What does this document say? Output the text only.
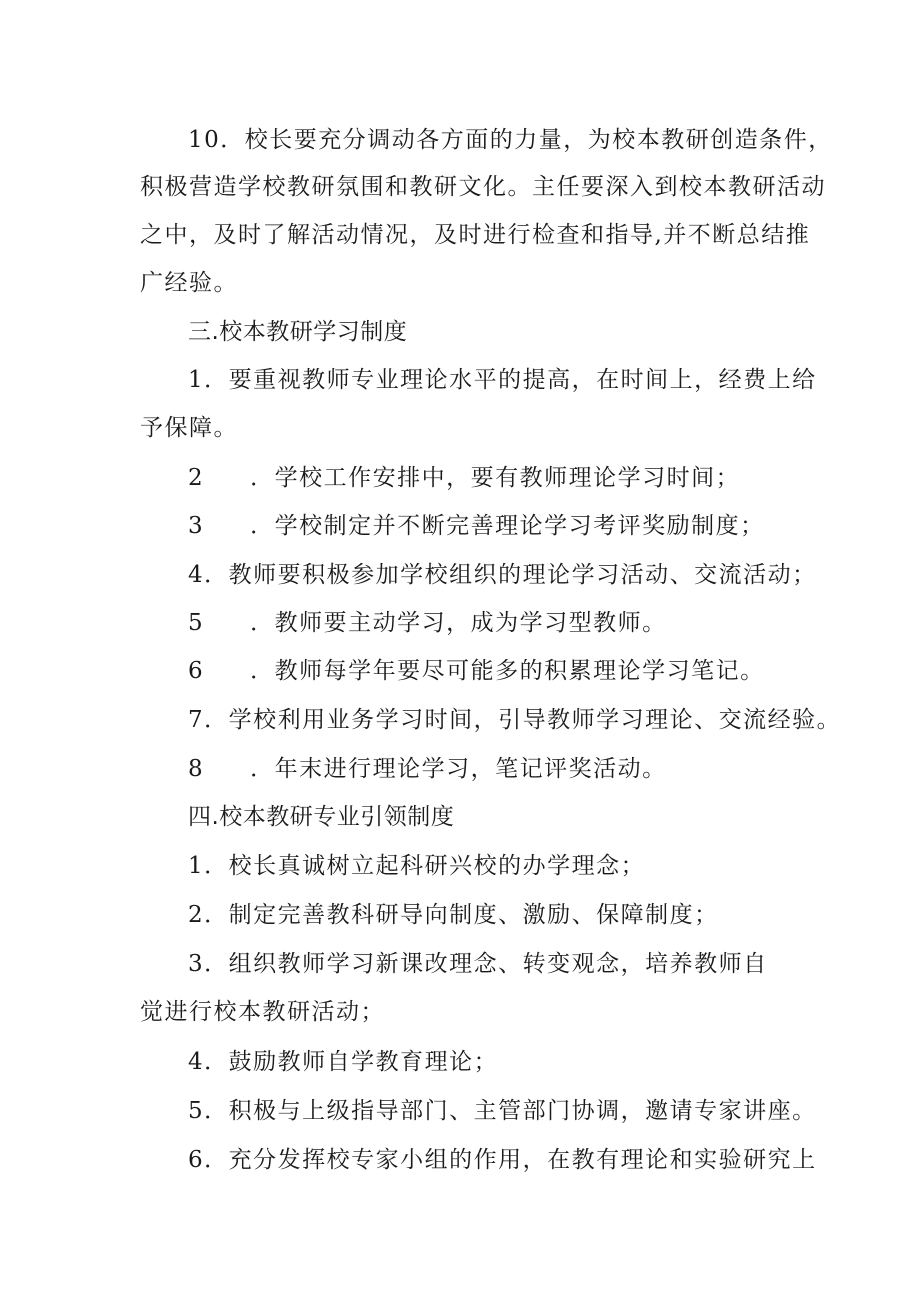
10．校长要充分调动各方面的力量，为校本教研创造条件，
积极营造学校教研氛围和教研文化。主任要深入到校本教研活动
之中，及时了解活动情况，及时进行检查和指导,并不断总结推
广经验。
三.校本教研学习制度
1．要重视教师专业理论水平的提高，在时间上，经费上给
予保障。
2 ．学校工作安排中，要有教师理论学习时间；
3 ．学校制定并不断完善理论学习考评奖励制度；
4．教师要积极参加学校组织的理论学习活动、交流活动；
5 ．教师要主动学习，成为学习型教师。
6 ．教师每学年要尽可能多的积累理论学习笔记。
7．学校利用业务学习时间，引导教师学习理论、交流经验。
8 ．年末进行理论学习，笔记评奖活动。
四.校本教研专业引领制度
1．校长真诚树立起科研兴校的办学理念；
2．制定完善教科研导向制度、激励、保障制度；
3．组织教师学习新课改理念、转变观念，培养教师自
觉进行校本教研活动；
4．鼓励教师自学教育理论；
5．积极与上级指导部门、主管部门协调，邀请专家讲座。
6．充分发挥校专家小组的作用，在教有理论和实验研究上
